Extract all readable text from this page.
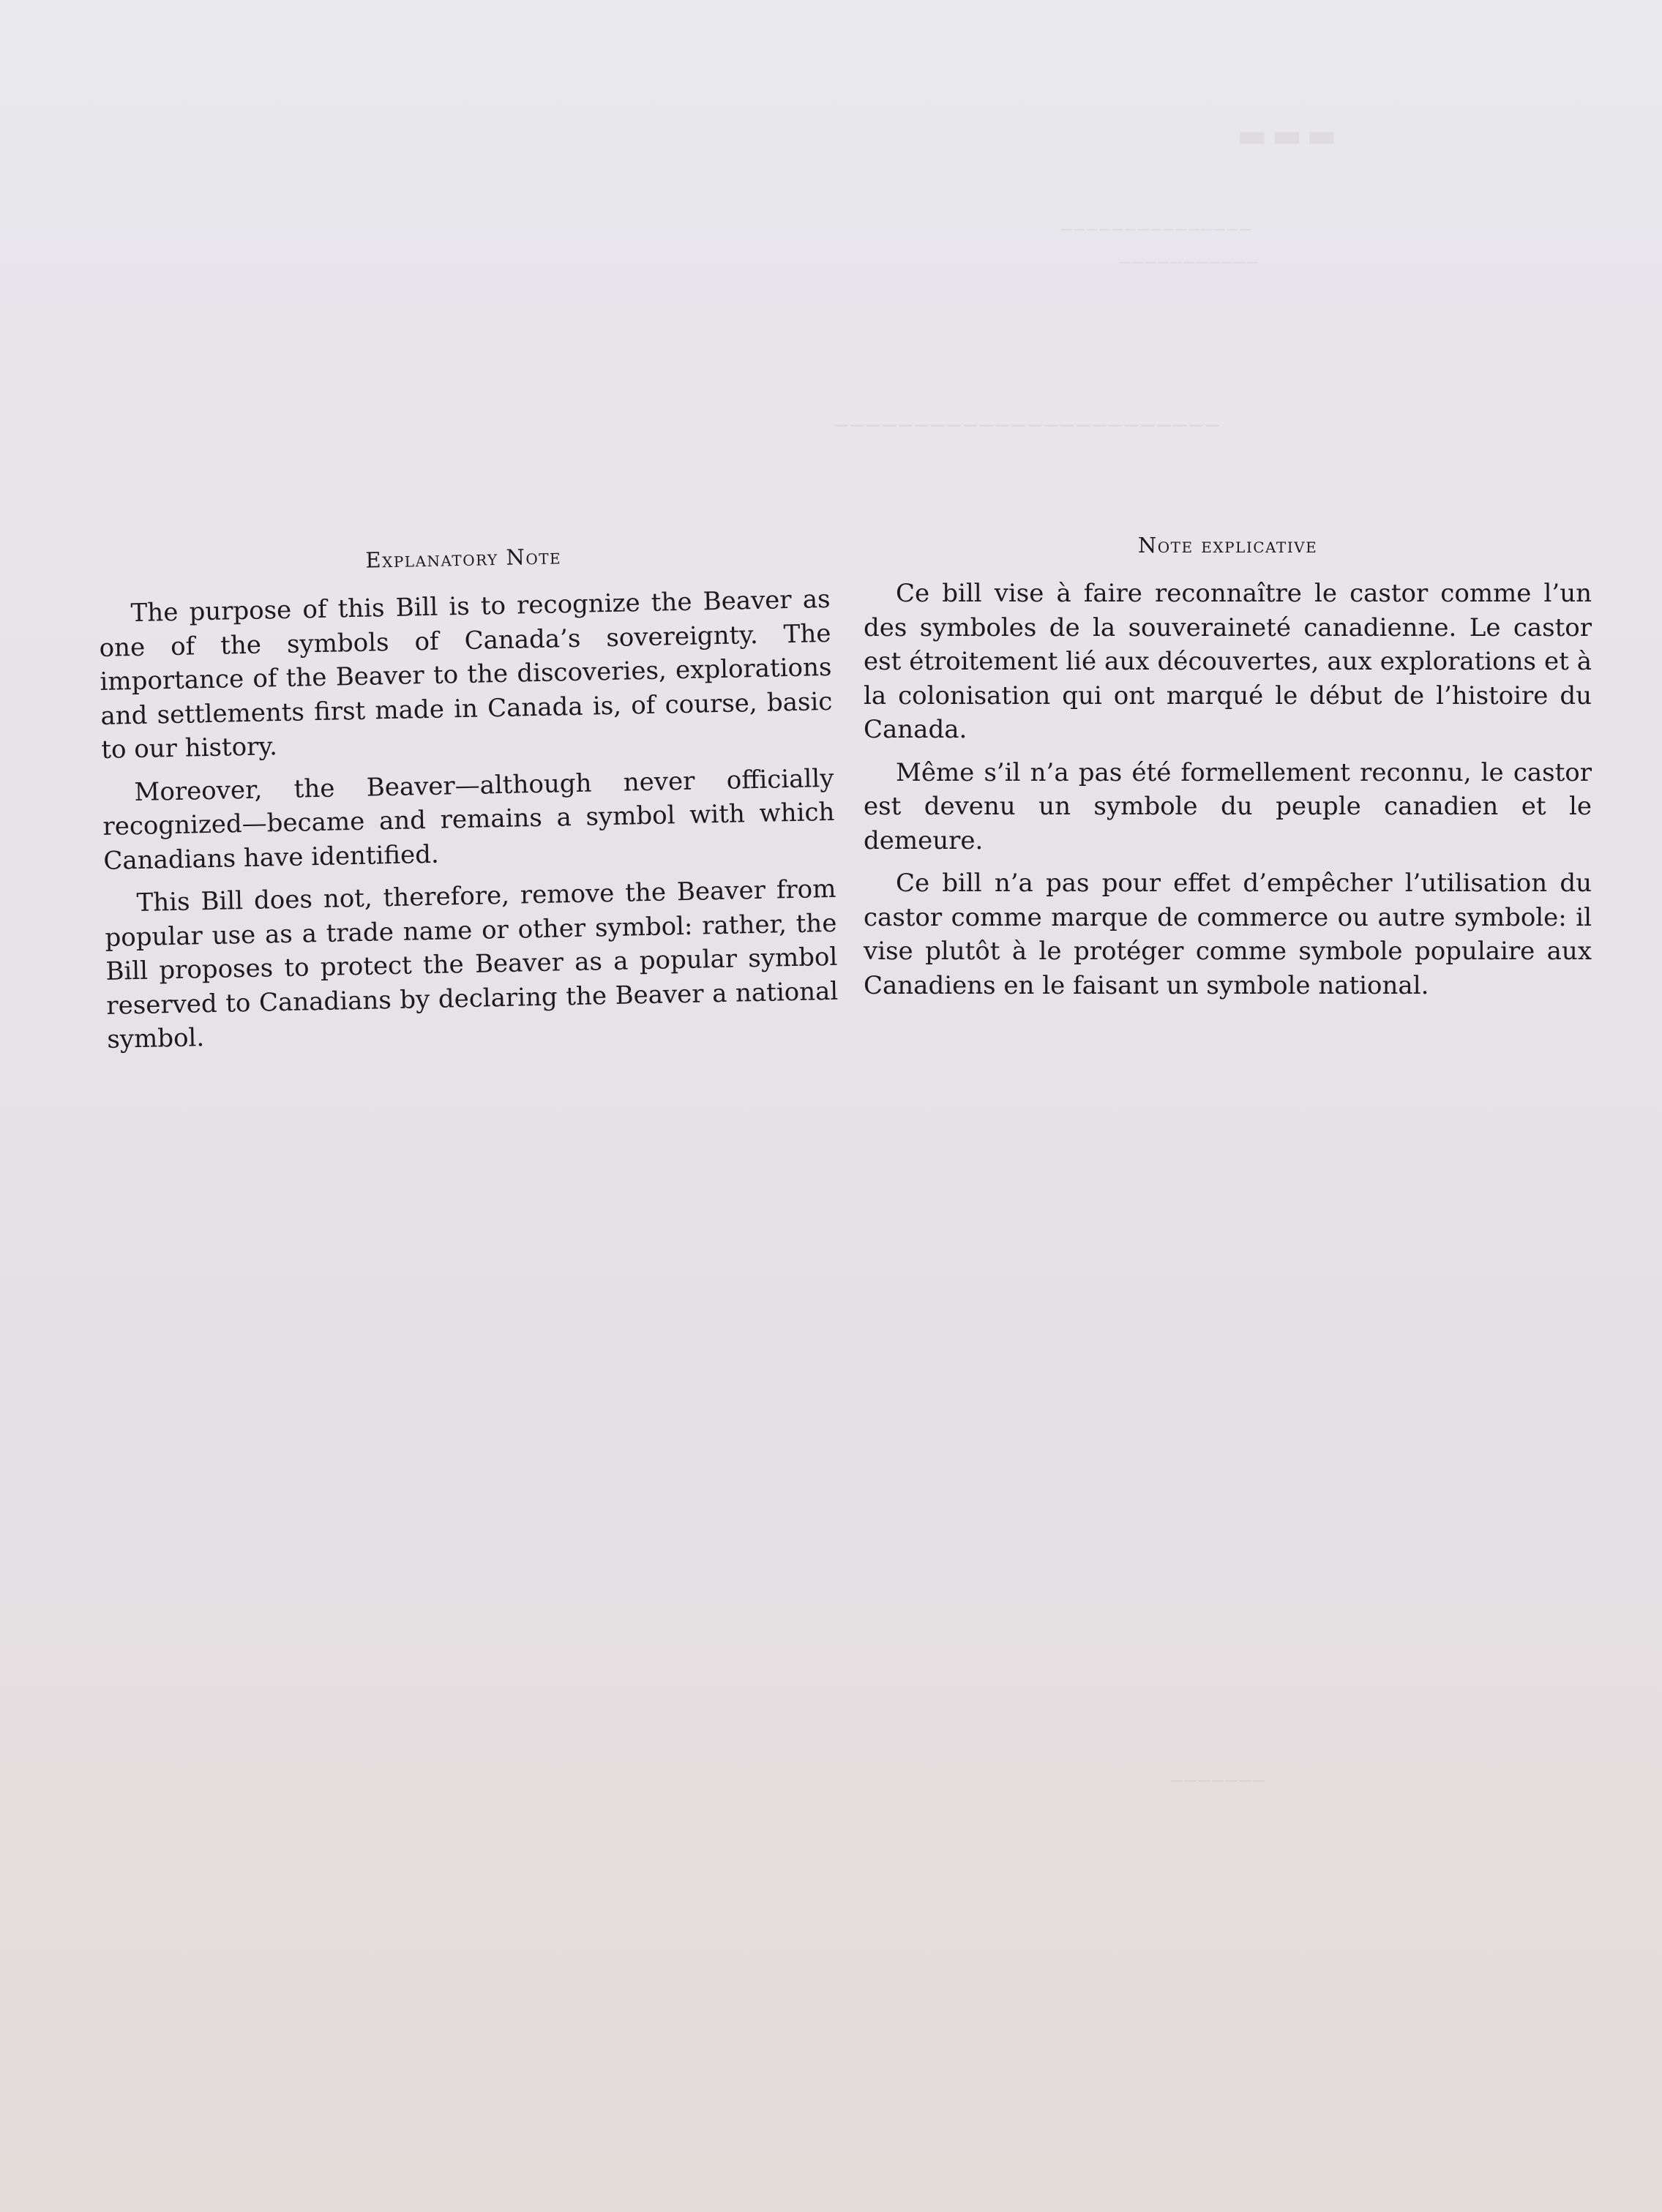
▬▬▬
───────────────
───────────
────────────────────────
───────
Explanatory Note

The purpose of this Bill is to recognize the Beaver as one of the symbols of Canada’s sovereignty. The importance of the Beaver to the discoveries, explorations and settlements first made in Canada is, of course, basic to our history.

Moreover, the Beaver—although never officially recognized—became and remains a symbol with which Canadians have identified.

This Bill does not, therefore, remove the Beaver from popular use as a trade name or other symbol: rather, the Bill proposes to protect the Beaver as a popular symbol reserved to Canadians by declaring the Beaver a national symbol.

Note explicative

Ce bill vise à faire reconnaître le castor comme l’un des symboles de la souveraineté canadienne. Le castor est étroitement lié aux découvertes, aux explorations et à la colonisation qui ont marqué le début de l’histoire du Canada.

Même s’il n’a pas été formellement reconnu, le castor est devenu un symbole du peuple canadien et le demeure.

Ce bill n’a pas pour effet d’empêcher l’utilisation du castor comme marque de commerce ou autre symbole: il vise plutôt à le protéger comme symbole populaire aux Canadiens en le faisant un symbole national.
